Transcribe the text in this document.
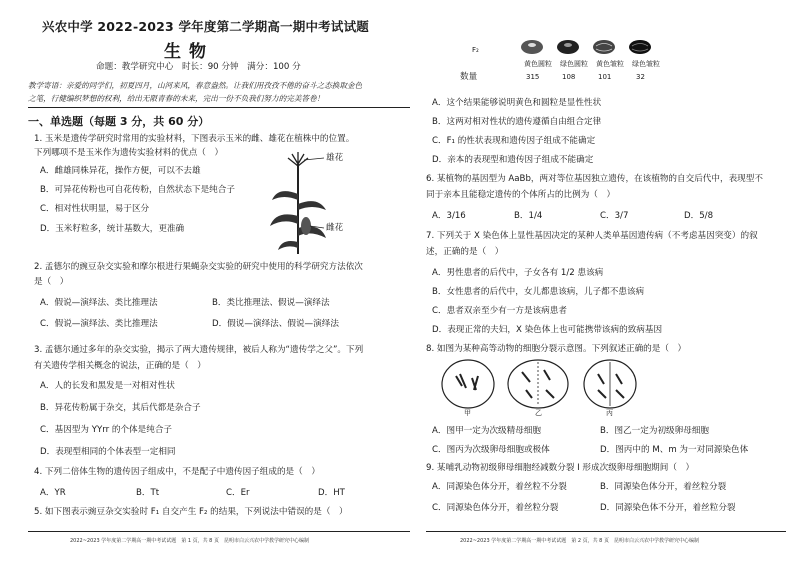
兴农中学 2022-2023 学年度第二学期高一期中考试试题
生物
命题：教学研究中心　时长：90 分钟　满分：100 分
教学寄语：亲爱的同学们，初夏四月，山河来风，春意盎然。让我们用孜孜不倦的奋斗之态换取金色
之笔，行健编织梦想的权利，给出无限青春的未来，完出一份不负我们努力的完美答卷！
一、单选题（每题 3 分，共 60 分）
1. 玉米是遗传学研究时常用的实验材料，下图表示玉米的雌、雄花在植株中的位置。
下列哪项不是玉米作为遗传实验材料的优点（　）
A．雌雄同株异花，操作方便，可以不去雄
B．可异花传粉也可自花传粉，自然状态下是纯合子
C．相对性状明显，易于区分
D．玉米籽粒多，统计基数大，更准确
雄花
雌花
2. 孟德尔的豌豆杂交实验和摩尔根进行果蝇杂交实验的研究中使用的科学研究方法依次
是（　）
A．假说—演绎法、类比推理法	B．类比推理法、假说—演绎法
C．假说—演绎法、类比推理法	D．假说—演绎法、假说—演绎法
3. 孟德尔通过多年的杂交实验，揭示了两大遗传规律，被后人称为“遗传学之父”。下列
有关遗传学相关概念的说法，正确的是（　）
A．人的长发和黑发是一对相对性状
B．异花传粉属于杂交，其后代都是杂合子
C．基因型为 YYrr 的个体是纯合子
D．表现型相同的个体表型一定相同
4. 下列二倍体生物的遗传因子组成中，不是配子中遗传因子组成的是（　）
A．YR	B．Tt	C．Er	D．HT
5. 如下图表示豌豆杂交实验时 F₁ 自交产生 F₂ 的结果，下列说法中错误的是（　）
2022~2023 学年度第二学期高一期中考试试题　第 1 页，共 8 页　昆明市白云兴农中学教学研究中心编制
F₂
黄色圆粒 绿色圆粒 黄色皱粒 绿色皱粒
数量	315	108	101	32
A．这个结果能够说明黄色和圆粒是显性性状
B．这两对相对性状的遗传遵循自由组合定律
C．F₁ 的性状表现和遗传因子组成不能确定
D．亲本的表现型和遗传因子组成不能确定
6. 某植物的基因型为 AaBb，两对等位基因独立遗传，在该植物的自交后代中，表现型不
同于亲本且能稳定遗传的个体所占的比例为（　）
A．3/16	B．1/4	C．3/7	D．5/8
7. 下列关于 X 染色体上显性基因决定的某种人类单基因遗传病（不考虑基因突变）的叙
述，正确的是（　）
A．男性患者的后代中，子女各有 1/2 患该病
B．女性患者的后代中，女儿都患该病，儿子都不患该病
C．患者双亲至少有一方是该病患者
D．表现正常的夫妇，X 染色体上也可能携带该病的致病基因
8. 如图为某种高等动物的细胞分裂示意图。下列叙述正确的是（　）
甲	乙	丙
A．图甲一定为次级精母细胞	B．图乙一定为初级卵母细胞
C．图丙为次级卵母细胞或极体	D．图丙中的 M、m 为一对同源染色体
9. 某哺乳动物初级卵母细胞经减数分裂 I 形成次级卵母细胞期间（　）
A．同源染色体分开，着丝粒不分裂	B．同源染色体分开，着丝粒分裂
C．同源染色体分开，着丝粒分裂	D．同源染色体不分开，着丝粒分裂
2022~2023 学年度第二学期高一期中考试试题　第 2 页，共 8 页　昆明市白云兴农中学教学研究中心编制
